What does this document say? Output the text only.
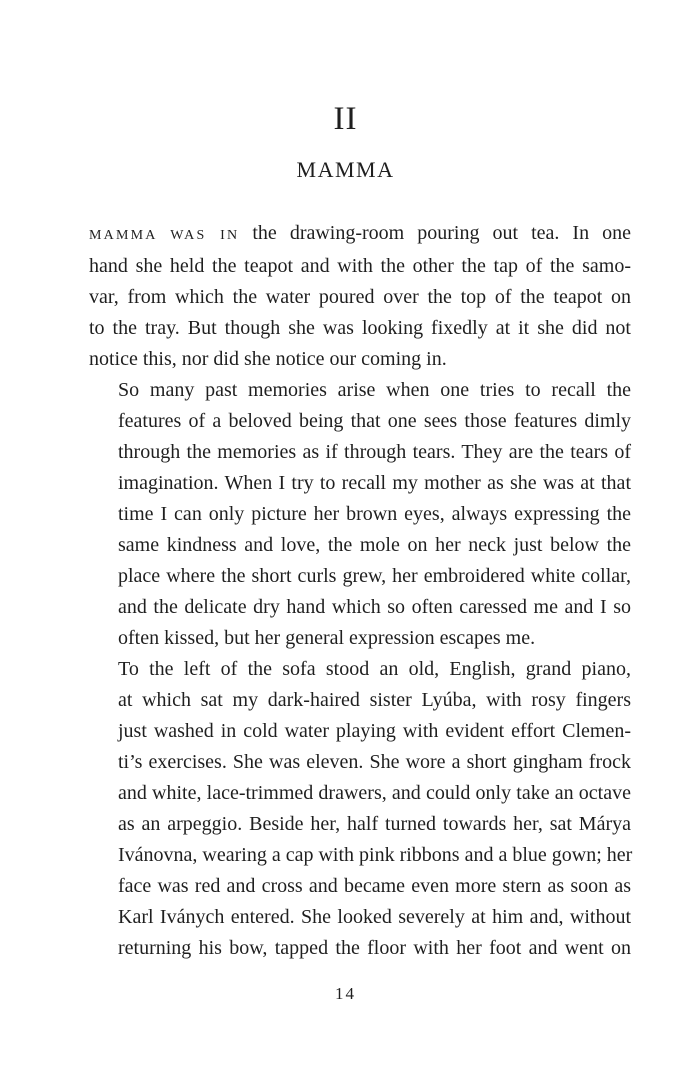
II
MAMMA

MAMMA WAS IN the drawing-room pouring out tea. In one
hand she held the teapot and with the other the tap of the samo-
var, from which the water poured over the top of the teapot on
to the tray. But though she was looking fixedly at it she did not
notice this, nor did she notice our coming in.

So many past memories arise when one tries to recall the
features of a beloved being that one sees those features dimly
through the memories as if through tears. They are the tears of
imagination. When I try to recall my mother as she was at that
time I can only picture her brown eyes, always expressing the
same kindness and love, the mole on her neck just below the
place where the short curls grew, her embroidered white collar,
and the delicate dry hand which so often caressed me and I so
often kissed, but her general expression escapes me.

To the left of the sofa stood an old, English, grand piano,
at which sat my dark-haired sister Lyúba, with rosy fingers
just washed in cold water playing with evident effort Clemen-
ti’s exercises. She was eleven. She wore a short gingham frock
and white, lace-trimmed drawers, and could only take an octave
as an arpeggio. Beside her, half turned towards her, sat Márya
Ivánovna, wearing a cap with pink ribbons and a blue gown; her
face was red and cross and became even more stern as soon as
Karl Iványch entered. She looked severely at him and, without
returning his bow, tapped the floor with her foot and went on

14
